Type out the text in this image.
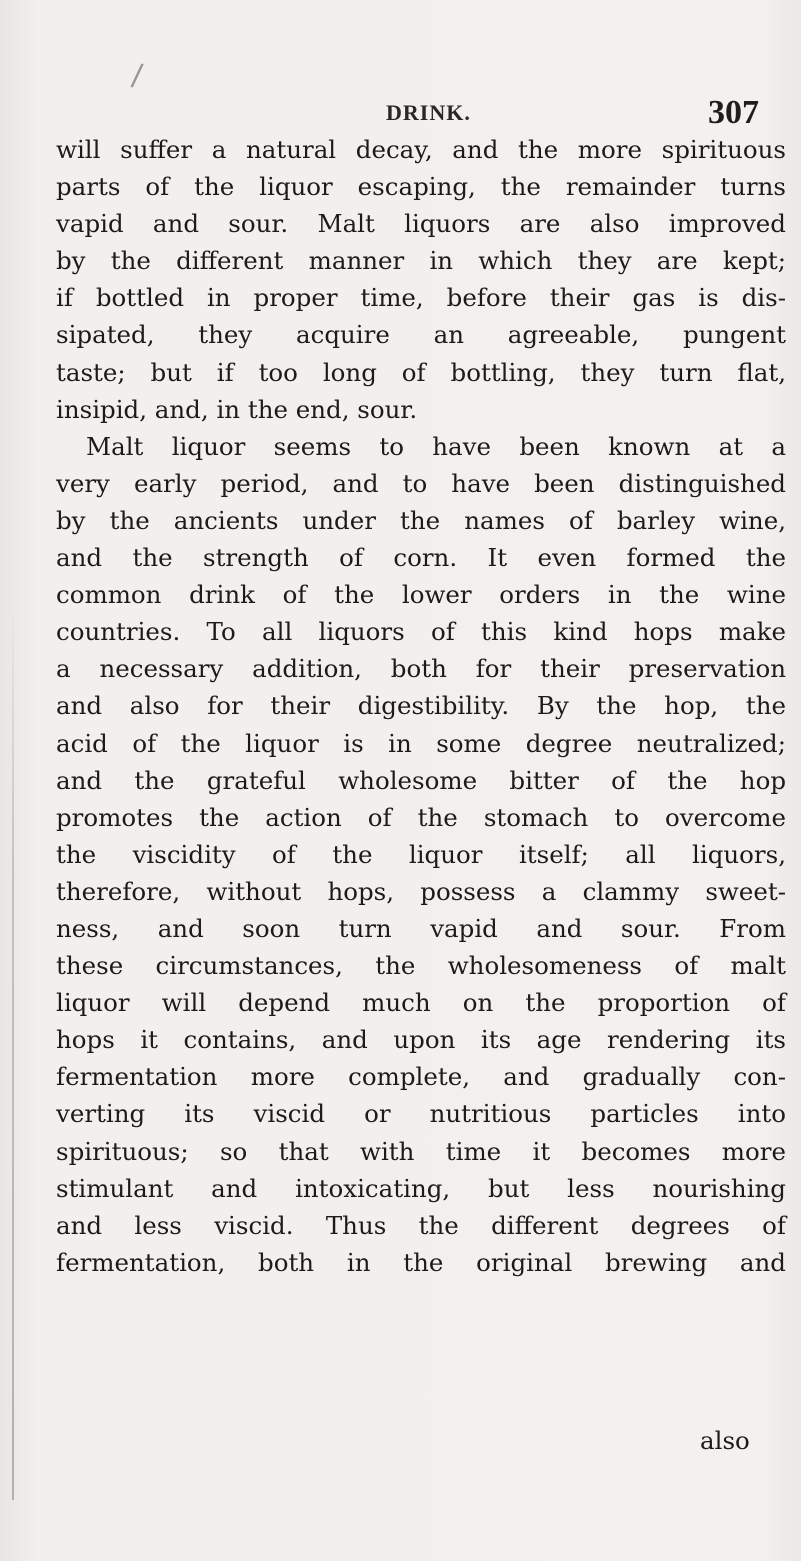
/
DRINK.	307
will suffer a natural decay, and the more spirituous
parts of the liquor escaping, the remainder turns
vapid and sour. Malt liquors are also improved
by the different manner in which they are kept;
if bottled in proper time, before their gas is dis-
sipated, they acquire an agreeable, pungent
taste; but if too long of bottling, they turn flat,
insipid, and, in the end, sour.
Malt liquor seems to have been known at a
very early period, and to have been distinguished
by the ancients under the names of barley wine,
and the strength of corn. It even formed the
common drink of the lower orders in the wine
countries. To all liquors of this kind hops make
a necessary addition, both for their preservation
and also for their digestibility. By the hop, the
acid of the liquor is in some degree neutralized;
and the grateful wholesome bitter of the hop
promotes the action of the stomach to overcome
the viscidity of the liquor itself; all liquors,
therefore, without hops, possess a clammy sweet-
ness, and soon turn vapid and sour. From
these circumstances, the wholesomeness of malt
liquor will depend much on the proportion of
hops it contains, and upon its age rendering its
fermentation more complete, and gradually con-
verting its viscid or nutritious particles into
spirituous; so that with time it becomes more
stimulant and intoxicating, but less nourishing
and less viscid. Thus the different degrees of
fermentation, both in the original brewing and
also
